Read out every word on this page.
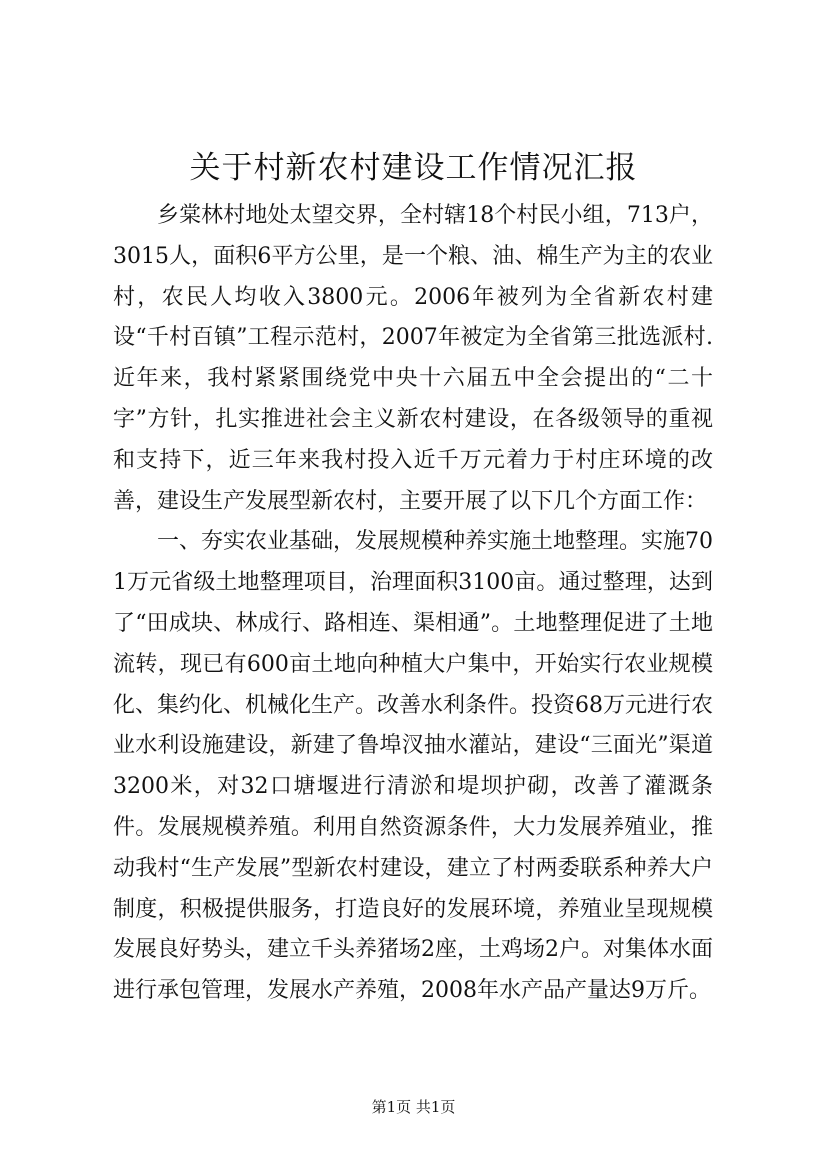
关于村新农村建设工作情况汇报

乡棠林村地处太望交界，全村辖18个村民小组，713户，3015人，面积6平方公里，是一个粮、油、棉生产为主的农业村，农民人均收入3800元。2006年被列为全省新农村建设“千村百镇”工程示范村，2007年被定为全省第三批选派村.近年来，我村紧紧围绕党中央十六届五中全会提出的“二十字”方针，扎实推进社会主义新农村建设，在各级领导的重视和支持下，近三年来我村投入近千万元着力于村庄环境的改善，建设生产发展型新农村，主要开展了以下几个方面工作：

一、夯实农业基础，发展规模种养实施土地整理。实施701万元省级土地整理项目，治理面积3100亩。通过整理，达到了“田成块、林成行、路相连、渠相通”。土地整理促进了土地流转，现已有600亩土地向种植大户集中，开始实行农业规模化、集约化、机械化生产。改善水利条件。投资68万元进行农业水利设施建设，新建了鲁埠汊抽水灌站，建设“三面光”渠道3200米，对32口塘堰进行清淤和堤坝护砌，改善了灌溉条件。发展规模养殖。利用自然资源条件，大力发展养殖业，推动我村“生产发展”型新农村建设，建立了村两委联系种养大户制度，积极提供服务，打造良好的发展环境，养殖业呈现规模发展良好势头，建立千头养猪场2座，土鸡场2户。对集体水面进行承包管理，发展水产养殖，2008年水产品产量达9万斤。

第1页 共1页
